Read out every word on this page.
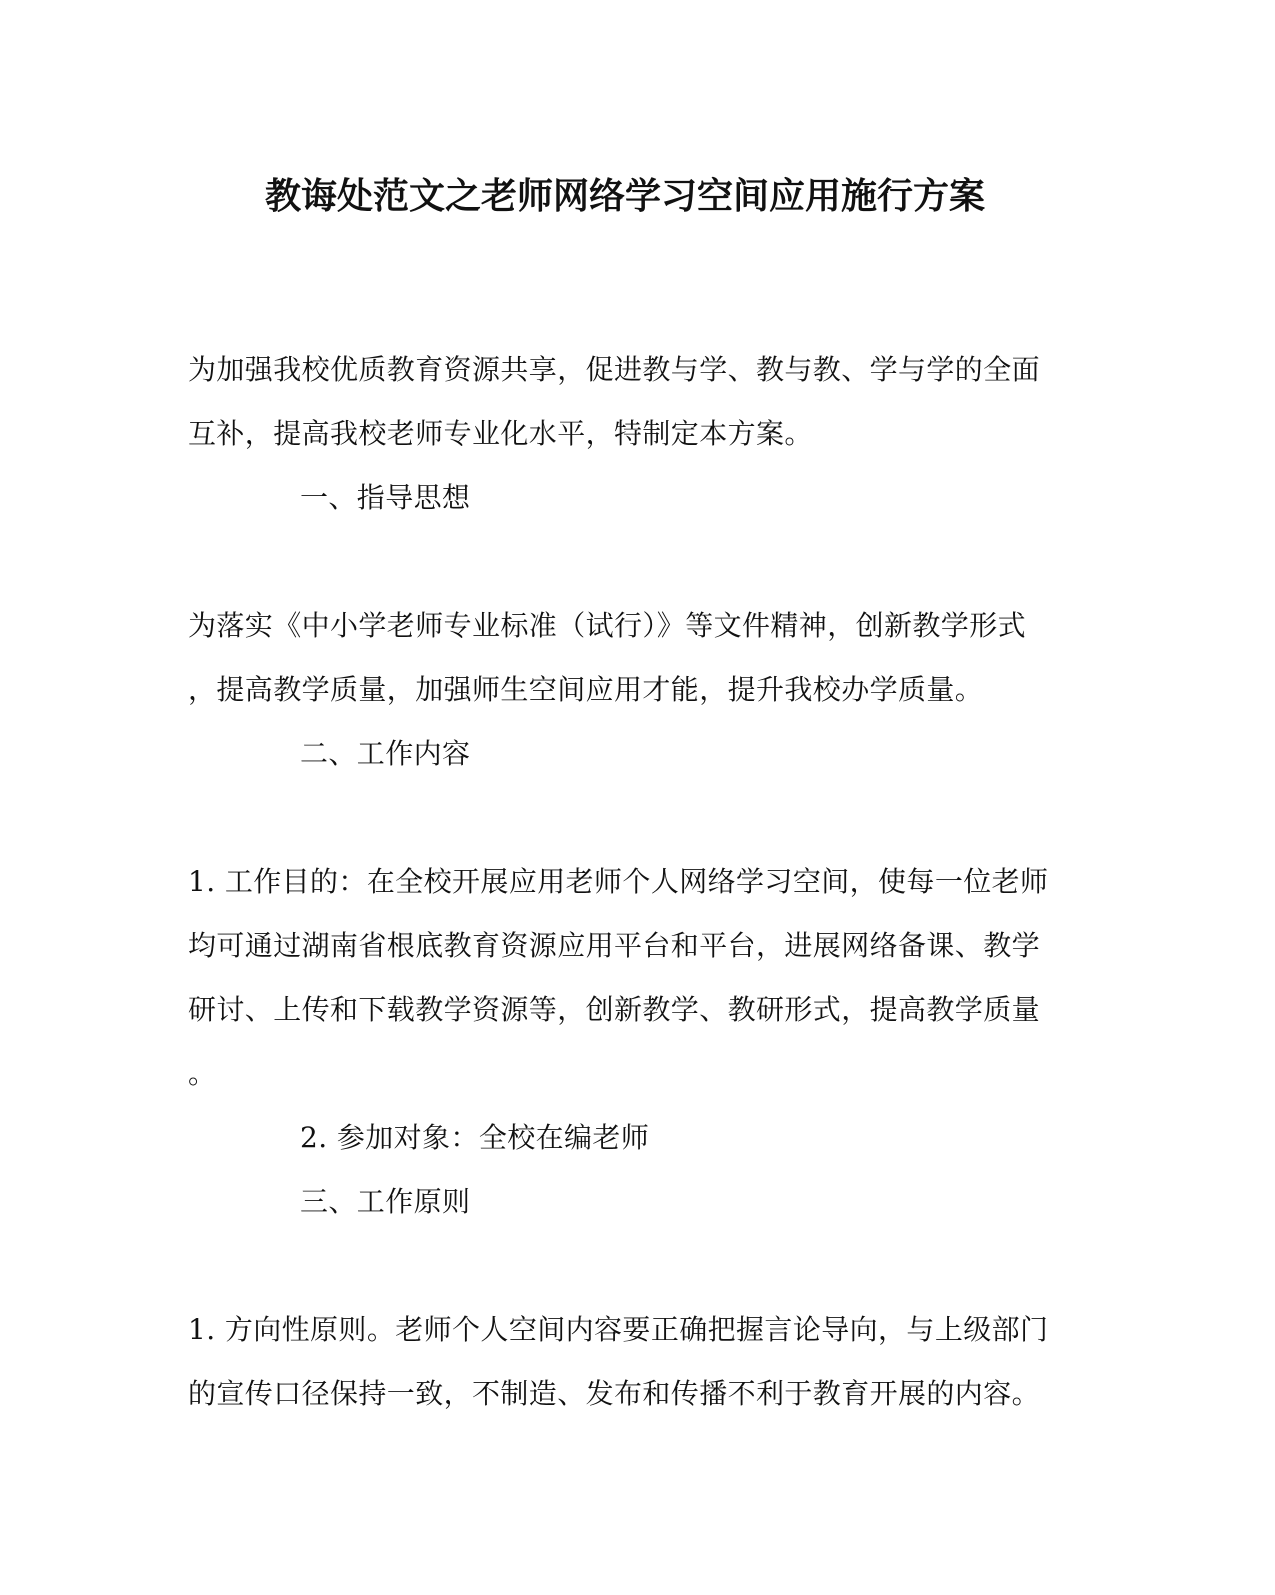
教诲处范文之老师网络学习空间应用施行方案
为加强我校优质教育资源共享，促进教与学、教与教、学与学的全面
互补，提高我校老师专业化水平，特制定本方案。
一、指导思想
为落实《中小学老师专业标准（试行）》等文件精神，创新教学形式
，提高教学质量，加强师生空间应用才能，提升我校办学质量。
二、工作内容
1. 工作目的：在全校开展应用老师个人网络学习空间，使每一位老师
均可通过湖南省根底教育资源应用平台和平台，进展网络备课、教学
研讨、上传和下载教学资源等，创新教学、教研形式，提高教学质量
。
2. 参加对象：全校在编老师
三、工作原则
1. 方向性原则。老师个人空间内容要正确把握言论导向，与上级部门
的宣传口径保持一致，不制造、发布和传播不利于教育开展的内容。
